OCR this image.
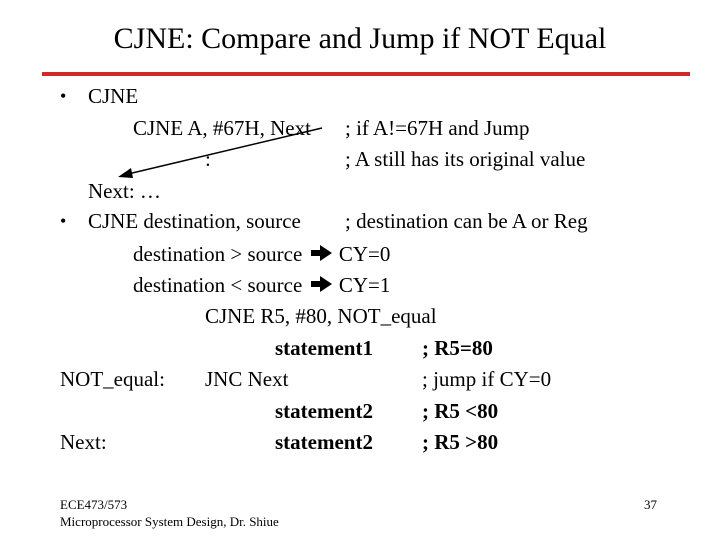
CJNE: Compare and Jump if NOT Equal
• CJNE
CJNE A, #67H, Next ; if A!=67H and Jump
:	; A still has its original value
Next: …
• CJNE destination, source ; destination can be A or Reg
destination > source CY=0
destination < source CY=1
CJNE R5, #80, NOT_equal
statement1 ; R5=80
NOT_equal: JNC Next	; jump if CY=0
statement2 ; R5 <80
Next:	statement2 ; R5 >80
ECE473/573
Microprocessor System Design, Dr. Shiue
37
